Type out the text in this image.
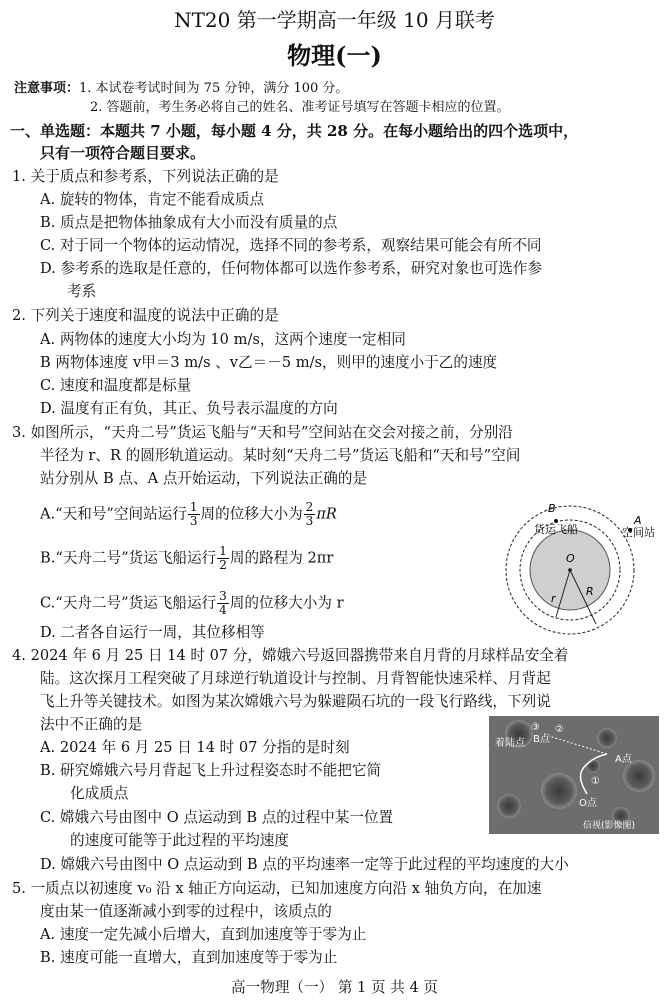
NT20 第一学期高一年级 10 月联考
物理(一)
注意事项：1. 本试卷考试时间为 75 分钟，满分 100 分。
2. 答题前，考生务必将自己的姓名、准考证号填写在答题卡相应的位置。
一、单选题：本题共 7 小题，每小题 4 分，共 28 分。在每小题给出的四个选项中，
只有一项符合题目要求。
1. 关于质点和参考系，下列说法正确的是
A. 旋转的物体，肯定不能看成质点
B. 质点是把物体抽象成有大小而没有质量的点
C. 对于同一个物体的运动情况，选择不同的参考系，观察结果可能会有所不同
D. 参考系的选取是任意的，任何物体都可以选作参考系，研究对象也可选作参
考系
2. 下列关于速度和温度的说法中正确的是
A. 两物体的速度大小均为 10 m/s，这两个速度一定相同
B 两物体速度 v甲＝3 m/s 、v乙＝－5 m/s，则甲的速度小于乙的速度
C. 速度和温度都是标量
D. 温度有正有负，其正、负号表示温度的方向
3. 如图所示，“天舟二号”货运飞船与“天和号”空间站在交会对接之前，分别沿
半径为 r、R 的圆形轨道运动。某时刻“天舟二号”货运飞船和“天和号”空间
站分别从 B 点、A 点开始运动，下列说法正确的是
A.“天和号”空间站运行 $\frac{1}{3}$ 周的位移大小为 $\frac{2}{3}$ πR
B.“天舟二号”货运飞船运行 $\frac{1}{2}$ 周的路程为 2πr
C.“天舟二号”货运飞船运行 $\frac{3}{4}$ 周的位移大小为 r
D. 二者各自运行一周，其位移相等
B
A
货运飞船	空间站
O
r
R
4. 2024 年 6 月 25 日 14 时 07 分，嫦娥六号返回器携带来自月背的月球样品安全着
陆。这次探月工程突破了月球逆行轨道设计与控制、月背智能快速采样、月背起
飞上升等关键技术。如图为某次嫦娥六号为躲避陨石坑的一段飞行路线，下列说
法中不正确的是
A. 2024 年 6 月 25 日 14 时 07 分指的是时刻
B. 研究嫦娥六号月背起飞上升过程姿态时不能把它简
化成质点
C. 嫦娥六号由图中 O 点运动到 B 点的过程中某一位置
的速度可能等于此过程的平均速度
D. 嫦娥六号由图中 O 点运动到 B 点的平均速率一定等于此过程的平均速度的大小
着陆点 B点
A点
O点
③ ②
①
信视(影像图)
5. 一质点以初速度 v₀ 沿 x 轴正方向运动，已知加速度方向沿 x 轴负方向，在加速
度由某一值逐渐减小到零的过程中，该质点的
A. 速度一定先减小后增大，直到加速度等于零为止
B. 速度可能一直增大，直到加速度等于零为止
高一物理（一） 第 1 页 共 4 页
